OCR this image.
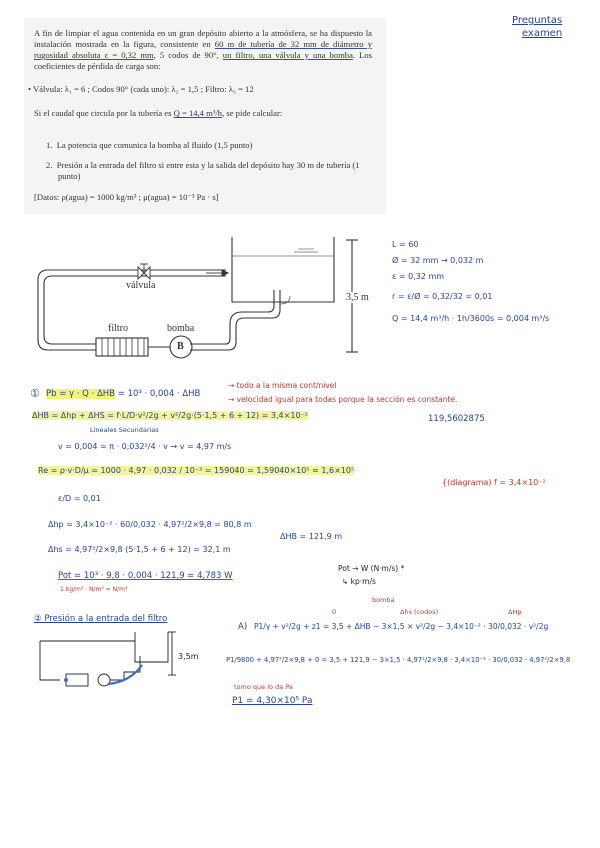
Preguntas
examen

A fin de limpiar el agua contenida en un gran depósito abierto a la atmósfera, se ha dispuesto la instalación mostrada en la figura, consistente en 60 m de tubería de 32 mm de diámetro y rugosidad absoluta ε = 0,32 mm, 5 codos de 90°, un filtro, una válvula y una bomba. Los coeficientes de pérdida de carga son:

• Válvula: λ₁ = 6 ; Codos 90° (cada uno): λ₂ = 1,5 ; Filtro: λ₃ = 12

Si el caudal que circula por la tubería es Q = 14,4 m³/h, se pide calcular:

1.  La potencia que comunica la bomba al fluido (1,5 punto)

2.  Presión a la entrada del filtro si entre esta y la salida del depósito hay 30 m de tubería (1 punto)

[Datos: ρ(agua) = 1000 kg/m³ ; μ(agua) = 10⁻³ Pa · s]

válvula
filtro	bomba
B
3,5 m
L = 60
Ø = 32 mm → 0,032 m
ε = 0,32 mm
r = ε/Ø = 0,32/32 = 0,01
Q = 14,4 m³/h · 1h/3600s = 0,004 m³/s
① Pb = γ · Q · ΔHB = 10³ · 0,004 · ΔHB
→ todo a la misma cont/nivel
→ velocidad igual para todas porque la sección es constante.
ΔHB = Δhp + ΔHS = f·L/D·v²/2g + v²/2g·(5·1,5 + 6 + 12) = 3,4×10⁻²
Lineales Secundarias
119,5602875
v = 0,004 = π · 0,032²/4 · v → v = 4,97 m/s
Re = ρ·v·D/μ = 1000 · 4,97 · 0,032 / 10⁻³ = 159040 = 1,59040×10⁵ ≈ 1,6×10⁵
ε/D = 0,01
{(diagrama) f = 3,4×10⁻²
Δhp = 3,4×10⁻² · 60/0,032 · 4,97²/2×9,8 = 80,8 m
Δhs = 4,97²/2×9,8 (5·1,5 + 6 + 12) = 32,1 m
ΔHB = 121,9 m
Pot = 10³ · 9,8 · 0,004 · 121,9 = 4,783 W
1 kg/m³ · N/m³ = N/m³
Pot → W (N·m/s) *
↳ kp·m/s
② Presión a la entrada del filtro
bomba
Δhs (codos)	ΔHp
0
A) P1/γ + v²/2g + z1 = 3,5 + ΔHB − 3×1,5 × v²/2g − 3,4×10⁻² · 30/0,032 · v²/2g
P1/9800 + 4,97²/2×9,8 + 0 = 3,5 + 121,9 − 3×1,5 · 4,97²/2×9,8 · 3,4×10⁻² · 30/0,032 · 4,97²/2×9,8
tomo que lo da Pa
P1 = 4,30×10⁵ Pa
3,5m
